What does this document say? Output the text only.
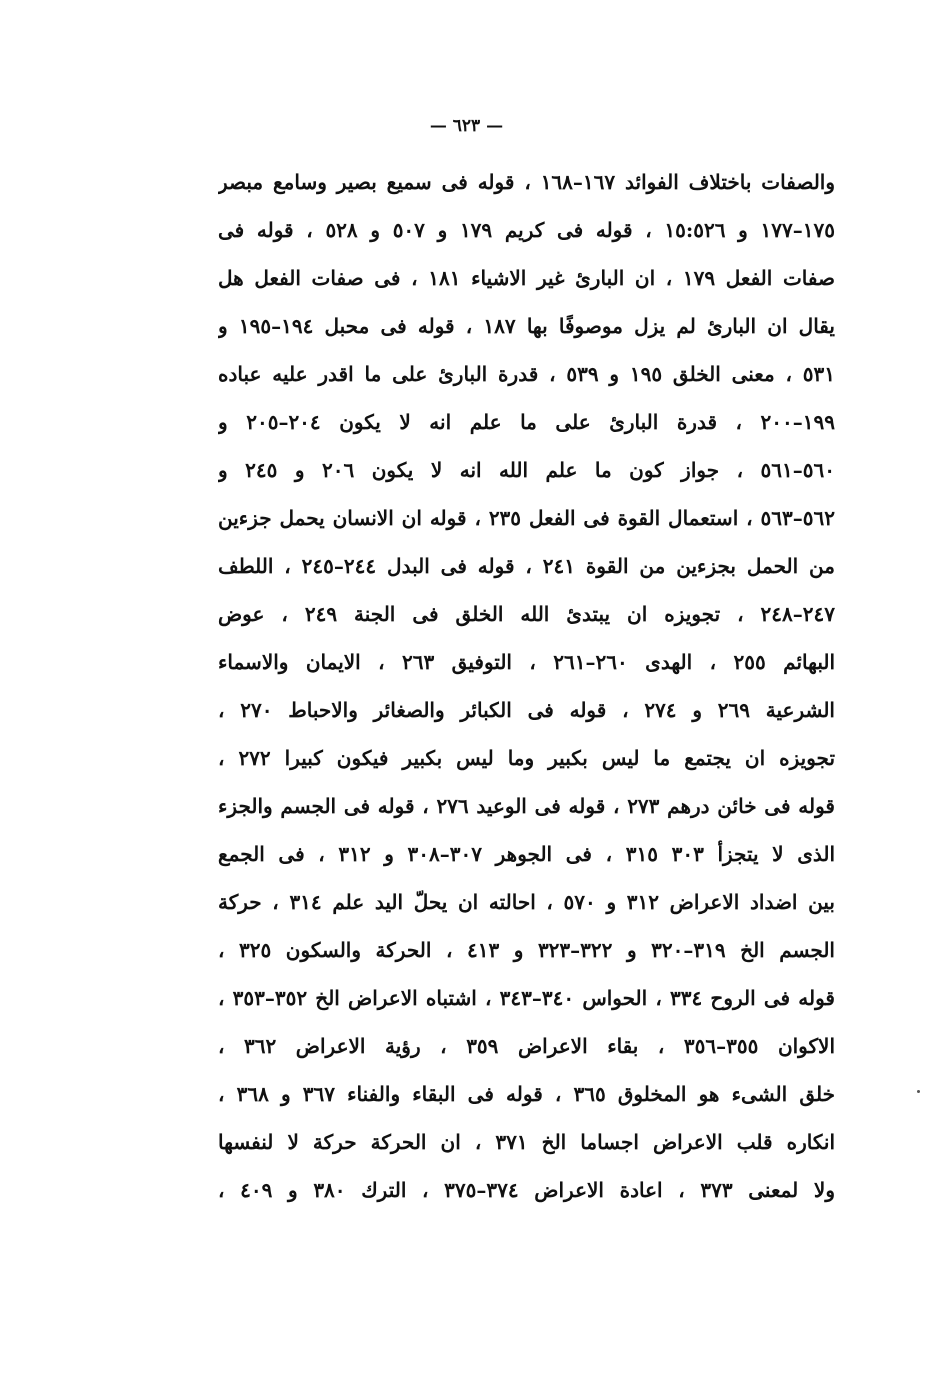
— ٦٢٣ —
والصفات باختلاف الفوائد ١٦٧–١٦٨ ، قوله فى سميع بصير وسامع مبصر
١٧٥–١٧٧ و ١٥:٥٢٦ ، قوله فى كريم ١٧٩ و ٥٠٧ و ٥٢٨ ، قوله فى
صفات الفعل ١٧٩ ، ان البارئ غير الاشياء ١٨١ ، فى صفات الفعل هل
يقال ان البارئ لم يزل موصوفًا بها ١٨٧ ، قوله فى محبل ١٩٤–١٩٥ و
٥٣١ ، معنى الخلق ١٩٥ و ٥٣٩ ، قدرة البارئ على ما اقدر عليه عباده
١٩٩–٢٠٠ ، قدرة البارئ على ما علم انه لا يكون ٢٠٤–٢٠٥ و
٥٦٠–٥٦١ ، جواز كون ما علم الله انه لا يكون ٢٠٦ و ٢٤٥ و
٥٦٢–٥٦٣ ، استعمال القوة فى الفعل ٢٣٥ ، قوله ان الانسان يحمل جزءين
من الحمل بجزءين من القوة ٢٤١ ، قوله فى البدل ٢٤٤–٢٤٥ ، اللطف
٢٤٧–٢٤٨ ، تجويزه ان يبتدئ الله الخلق فى الجنة ٢٤٩ ، عوض
البهائم ٢٥٥ ، الهدى ٢٦٠–٢٦١ ، التوفيق ٢٦٣ ، الايمان والاسماء
الشرعية ٢٦٩ و ٢٧٤ ، قوله فى الكبائر والصغائر والاحباط ٢٧٠ ،
تجويزه ان يجتمع ما ليس بكبير وما ليس بكبير فيكون كبيرا ٢٧٢ ،
قوله فى خائن درهم ٢٧٣ ، قوله فى الوعيد ٢٧٦ ، قوله فى الجسم والجزء
الذى لا يتجزأ ٣٠٣ ٣١٥ ، فى الجوهر ٣٠٧–٣٠٨ و ٣١٢ ، فى الجمع
بين اضداد الاعراض ٣١٢ و ٥٧٠ ، احالته ان يحلّ اليد علم ٣١٤ ، حركة
الجسم الخ ٣١٩–٣٢٠ و ٣٢٢–٣٢٣ و ٤١٣ ، الحركة والسكون ٣٢٥ ،
قوله فى الروح ٣٣٤ ، الحواس ٣٤٠–٣٤٣ ، اشتباه الاعراض الخ ٣٥٢–٣٥٣ ،
الاكوان ٣٥٥–٣٥٦ ، بقاء الاعراض ٣٥٩ ، رؤية الاعراض ٣٦٢ ،
خلق الشىء هو المخلوق ٣٦٥ ، قوله فى البقاء والفناء ٣٦٧ و ٣٦٨ ،
انكاره قلب الاعراض اجساما الخ ٣٧١ ، ان الحركة حركة لا لنفسها
ولا لمعنى ٣٧٣ ، اعادة الاعراض ٣٧٤–٣٧٥ ، الترك ٣٨٠ و ٤٠٩ ،
